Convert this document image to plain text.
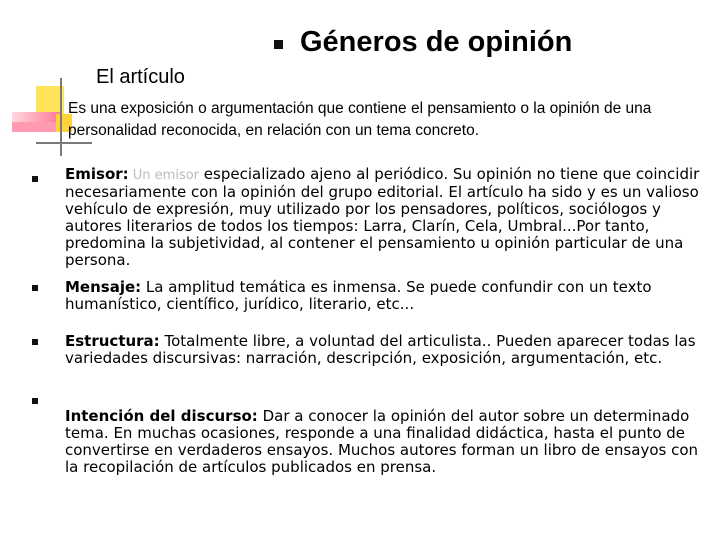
Géneros de opinión
El artículo
Es una exposición o argumentación que contiene el pensamiento o la opinión de una personalidad reconocida, en relación con un tema concreto.
Emisor: Un emisor especializado ajeno al periódico. Su opinión no tiene que coincidir necesariamente con la opinión del grupo editorial. El artículo ha sido y es un valioso vehículo de expresión, muy utilizado por los pensadores, políticos, sociólogos y autores literarios de todos los tiempos: Larra, Clarín, Cela, Umbral...Por tanto, predomina la subjetividad, al contener el pensamiento u opinión particular de una persona.
Mensaje: La amplitud temática es inmensa. Se puede confundir con un texto humanístico, científico, jurídico, literario, etc...
Estructura: Totalmente libre, a voluntad del articulista.. Pueden aparecer todas las variedades discursivas: narración, descripción, exposición, argumentación, etc.
Intención del discurso: Dar a conocer la opinión del autor sobre un determinado tema. En muchas ocasiones, responde a una finalidad didáctica, hasta el punto de convertirse en verdaderos ensayos. Muchos autores forman un libro de ensayos con la recopilación de artículos publicados en prensa.
